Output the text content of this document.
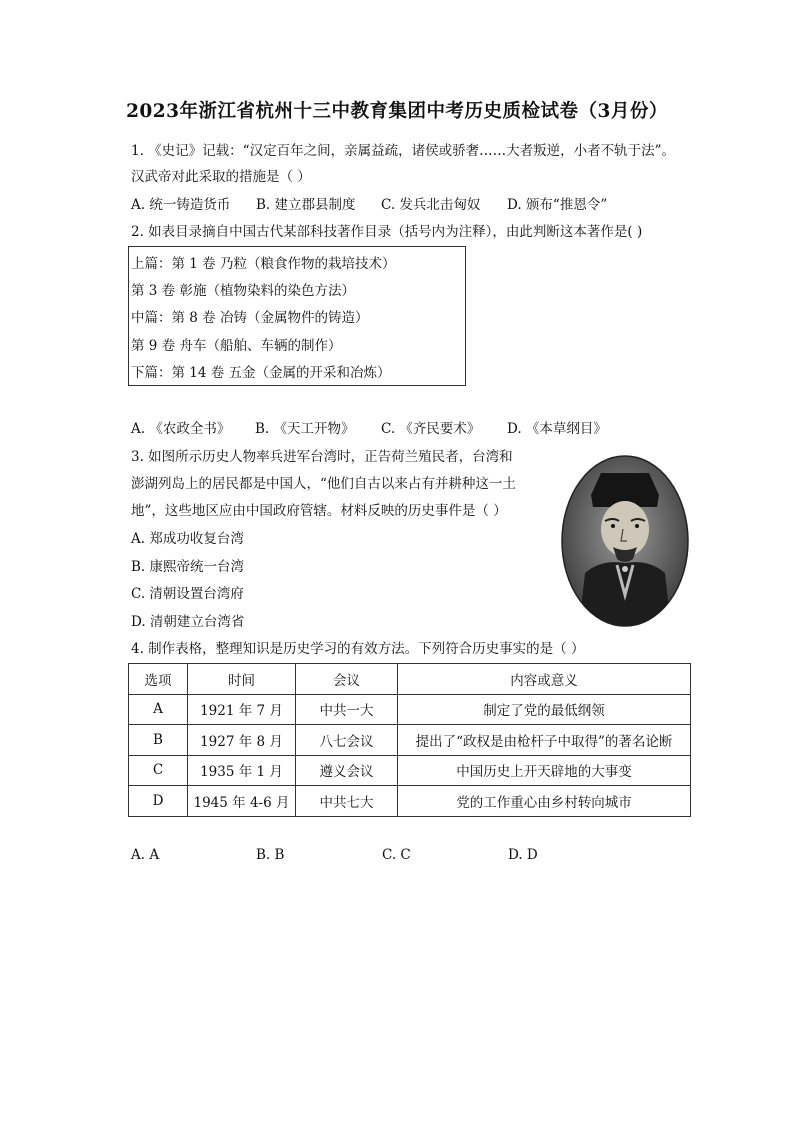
2023年浙江省杭州十三中教育集团中考历史质检试卷（3月份）
1. 《史记》记载：“汉定百年之间，亲属益疏，诸侯或骄奢……大者叛逆，小者不轨于法”。
汉武帝对此采取的措施是（ ）
A. 统一铸造货币 B. 建立郡县制度 C. 发兵北击匈奴 D. 颁布“推恩令”
2. 如表目录摘自中国古代某部科技著作目录（括号内为注释），由此判断这本著作是( )
上篇：第 1 卷 乃粒（粮食作物的栽培技术）
第 3 卷 彰施（植物染料的染色方法）
中篇：第 8 卷 冶铸（金属物件的铸造）
第 9 卷 舟车（船舶、车辆的制作）
下篇：第 14 卷 五金（金属的开采和冶炼）
A. 《农政全书》 B. 《天工开物》 C. 《齐民要术》 D. 《本草纲目》
3. 如图所示历史人物率兵进军台湾时，正告荷兰殖民者，台湾和
澎湖列岛上的居民都是中国人，“他们自古以来占有并耕种这一土
地”，这些地区应由中国政府管辖。材料反映的历史事件是（ ）
A. 郑成功收复台湾
B. 康熙帝统一台湾
C. 清朝设置台湾府
D. 清朝建立台湾省
4. 制作表格，整理知识是历史学习的有效方法。下列符合历史事实的是（ ）
选项	时间	会议	内容或意义
A	1921 年 7 月	中共一大	制定了党的最低纲领
B	1927 年 8 月	八七会议	提出了“政权是由枪杆子中取得”的著名论断
C	1935 年 1 月	遵义会议	中国历史上开天辟地的大事变
D	1945 年 4-6 月	中共七大	党的工作重心由乡村转向城市
A. A	B. B	C. C	D. D
